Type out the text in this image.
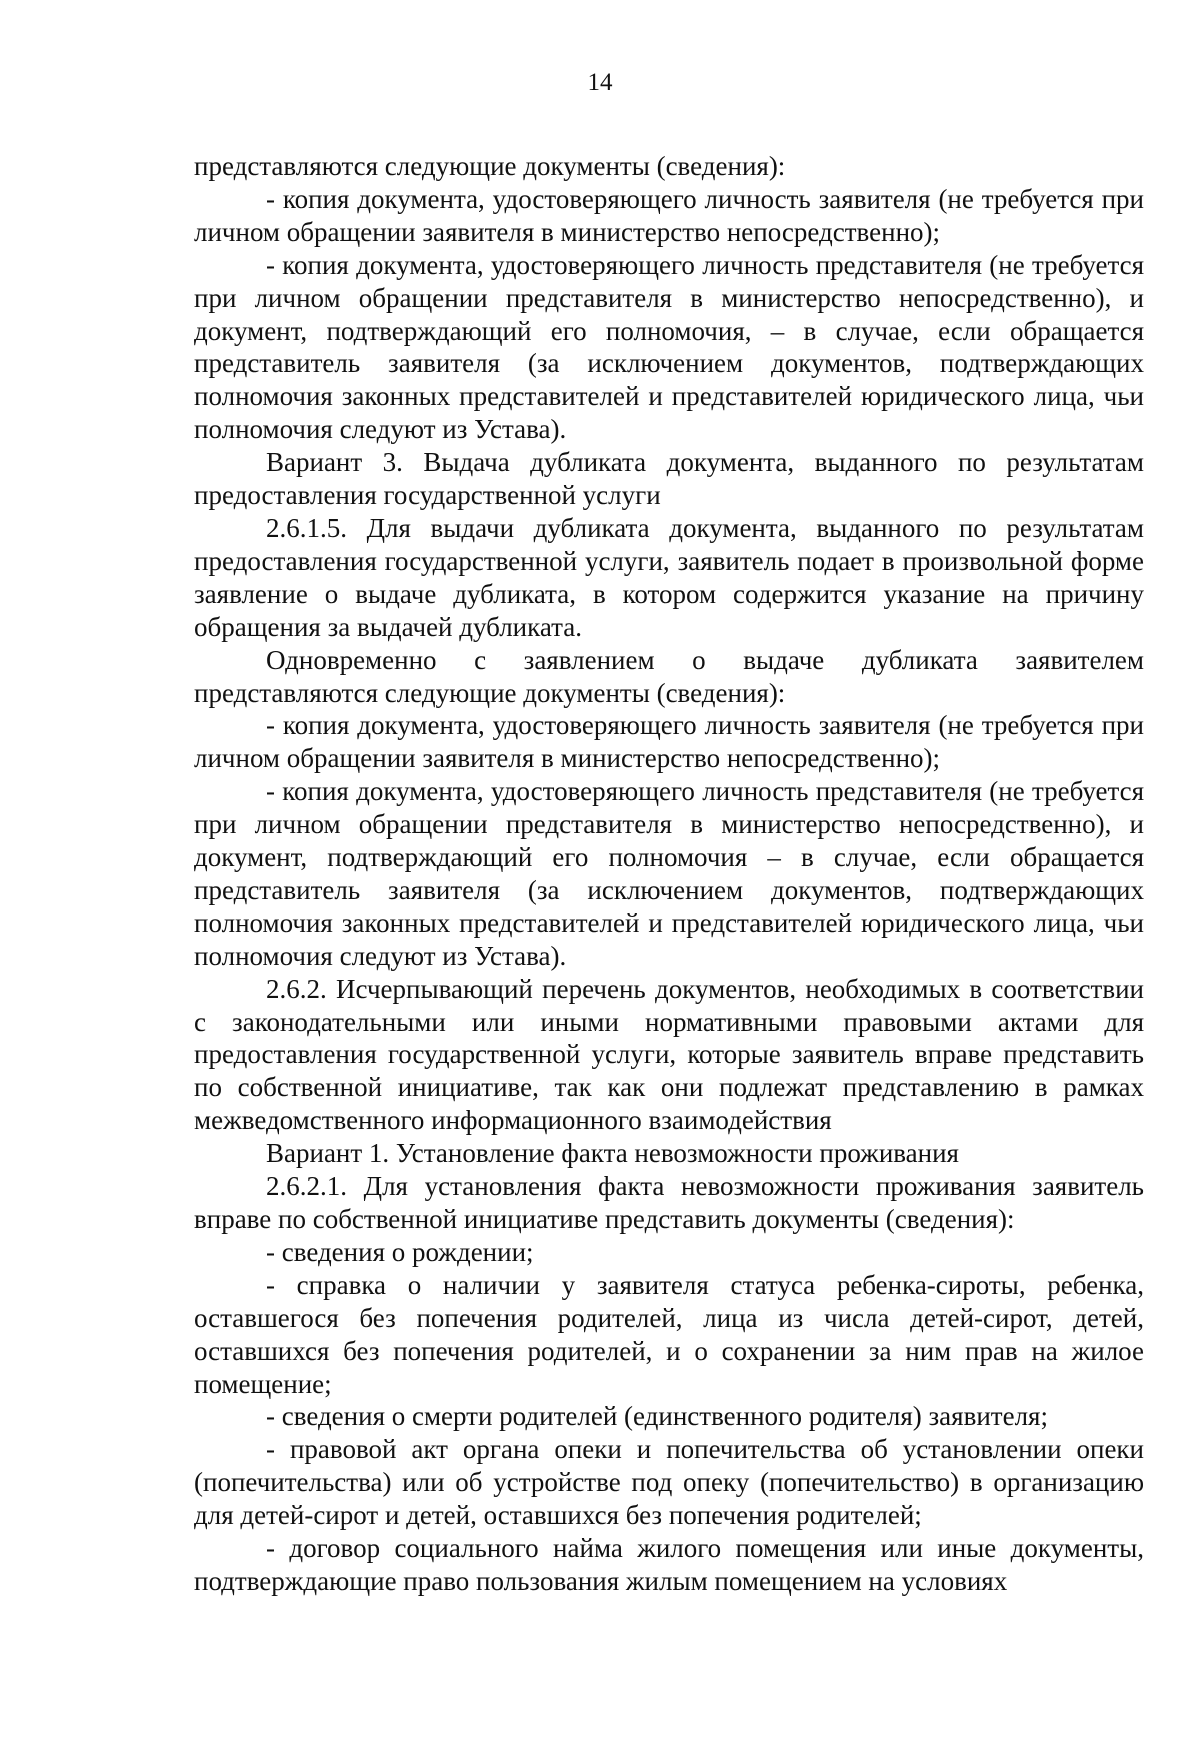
14

представляются следующие документы (сведения):

- копия документа, удостоверяющего личность заявителя (не требуется при личном обращении заявителя в министерство непосредственно);

- копия документа, удостоверяющего личность представителя (не требуется при личном обращении представителя в министерство непосредственно), и документ, подтверждающий его полномочия, – в случае, если обращается представитель заявителя (за исключением документов, подтверждающих полномочия законных представителей и представителей юридического лица, чьи полномочия следуют из Устава).

Вариант 3. Выдача дубликата документа, выданного по результатам предоставления государственной услуги

2.6.1.5. Для выдачи дубликата документа, выданного по результатам предоставления государственной услуги, заявитель подает в произвольной форме заявление о выдаче дубликата, в котором содержится указание на причину обращения за выдачей дубликата.

Одновременно с заявлением о выдаче дубликата заявителем представляются следующие документы (сведения):

- копия документа, удостоверяющего личность заявителя (не требуется при личном обращении заявителя в министерство непосредственно);

- копия документа, удостоверяющего личность представителя (не требуется при личном обращении представителя в министерство непосредственно), и документ, подтверждающий его полномочия – в случае, если обращается представитель заявителя (за исключением документов, подтверждающих полномочия законных представителей и представителей юридического лица, чьи полномочия следуют из Устава).

2.6.2. Исчерпывающий перечень документов, необходимых в соответствии с законодательными или иными нормативными правовыми актами для предоставления государственной услуги, которые заявитель вправе представить по собственной инициативе, так как они подлежат представлению в рамках межведомственного информационного взаимодействия

Вариант 1. Установление факта невозможности проживания

2.6.2.1. Для установления факта невозможности проживания заявитель вправе по собственной инициативе представить документы (сведения):

- сведения о рождении;

- справка о наличии у заявителя статуса ребенка-сироты, ребенка, оставшегося без попечения родителей, лица из числа детей-сирот, детей, оставшихся без попечения родителей, и о сохранении за ним прав на жилое помещение;

- сведения о смерти родителей (единственного родителя) заявителя;

- правовой акт органа опеки и попечительства об установлении опеки (попечительства) или об устройстве под опеку (попечительство) в организацию для детей-сирот и детей, оставшихся без попечения родителей;

- договор социального найма жилого помещения или иные документы, подтверждающие право пользования жилым помещением на условиях
